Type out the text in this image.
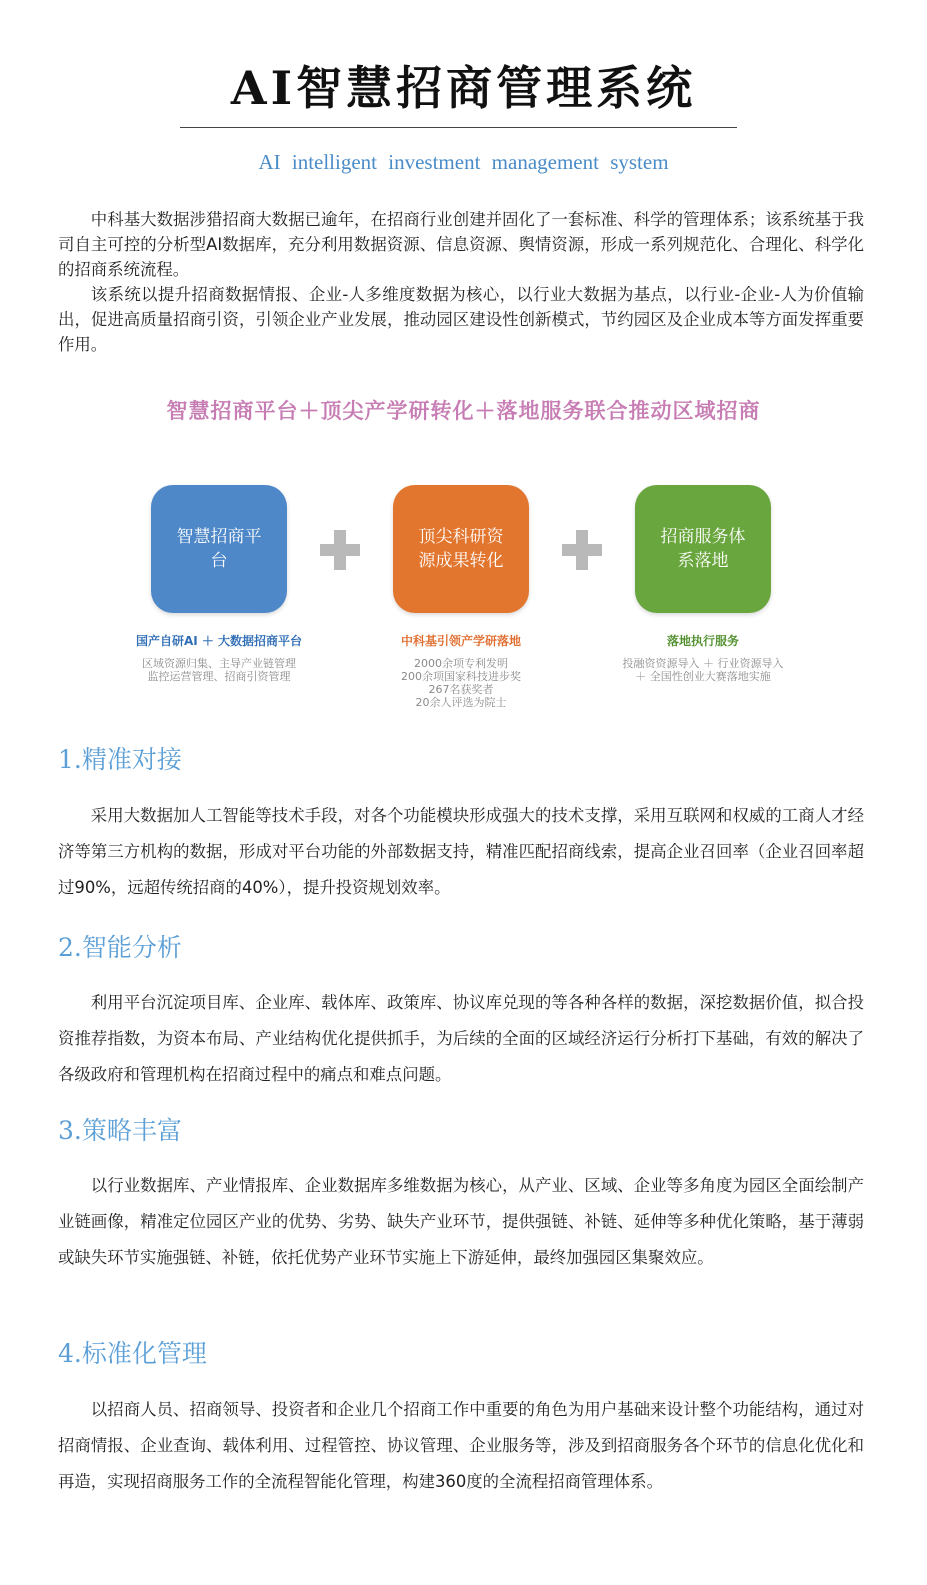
AI智慧招商管理系统
AI intelligent investment management system

中科基大数据涉猎招商大数据已逾年，在招商行业创建并固化了一套标准、科学的管理体系；该系统基于我司自主可控的分析型AI数据库，充分利用数据资源、信息资源、舆情资源，形成一系列规范化、合理化、科学化的招商系统流程。

该系统以提升招商数据情报、企业-人多维度数据为核心，以行业大数据为基点，以行业-企业-人为价值输出，促进高质量招商引资，引领企业产业发展，推动园区建设性创新模式，节约园区及企业成本等方面发挥重要作用。

智慧招商平台＋顶尖产学研转化＋落地服务联合推动区域招商
智慧招商平台
顶尖科研资源成果转化
招商服务体系落地
国产自研AI ＋ 大数据招商平台	中科基引领产学研落地	落地执行服务
区域资源归集、主导产业链管理
监控运营管理、招商引资管理
2000余项专利发明
200余项国家科技进步奖
267名获奖者
20余人评选为院士
投融资资源导入 ＋ 行业资源导入
＋ 全国性创业大赛落地实施
1.精准对接

采用大数据加人工智能等技术手段，对各个功能模块形成强大的技术支撑，采用互联网和权威的工商人才经济等第三方机构的数据，形成对平台功能的外部数据支持，精准匹配招商线索，提高企业召回率（企业召回率超过90%，远超传统招商的40%），提升投资规划效率。

2.智能分析

利用平台沉淀项目库、企业库、载体库、政策库、协议库兑现的等各种各样的数据，深挖数据价值，拟合投资推荐指数，为资本布局、产业结构优化提供抓手，为后续的全面的区域经济运行分析打下基础，有效的解决了各级政府和管理机构在招商过程中的痛点和难点问题。

3.策略丰富

以行业数据库、产业情报库、企业数据库多维数据为核心，从产业、区域、企业等多角度为园区全面绘制产业链画像，精准定位园区产业的优势、劣势、缺失产业环节，提供强链、补链、延伸等多种优化策略，基于薄弱或缺失环节实施强链、补链，依托优势产业环节实施上下游延伸，最终加强园区集聚效应。

4.标准化管理

以招商人员、招商领导、投资者和企业几个招商工作中重要的角色为用户基础来设计整个功能结构，通过对招商情报、企业查询、载体利用、过程管控、协议管理、企业服务等，涉及到招商服务各个环节的信息化优化和再造，实现招商服务工作的全流程智能化管理，构建360度的全流程招商管理体系。
